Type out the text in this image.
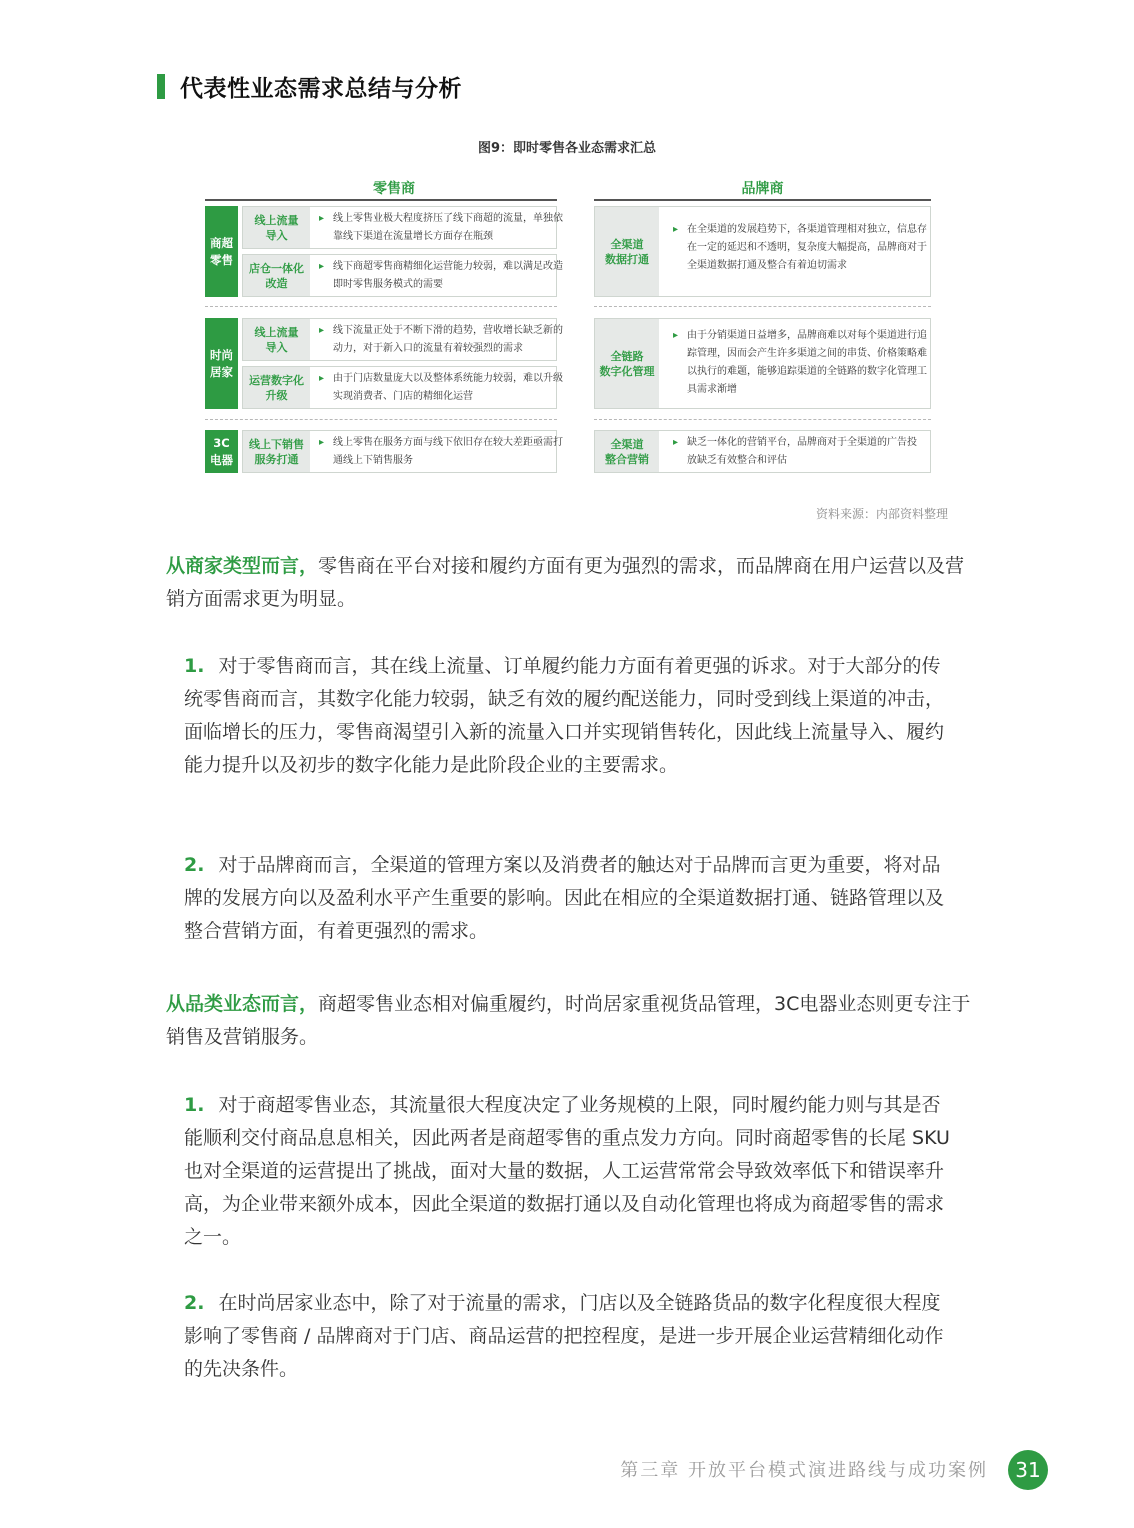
代表性业态需求总结与分析
图9：即时零售各业态需求汇总
零售商
商超
零售
线上流量
导入
▸ 线上零售业极大程度挤压了线下商超的流量，单独依靠线下渠道在流量增长方面存在瓶颈
店仓一体化
改造
▸ 线下商超零售商精细化运营能力较弱，难以满足改造 即时零售服务模式的需要
时尚
居家
线上流量
导入
▸ 线下流量正处于不断下滑的趋势，营收增长缺乏新的动力，对于新入口的流量有着较强烈的需求
运营数字化
升级
▸ 由于门店数量庞大以及整体系统能力较弱，难以升级 实现消费者、门店的精细化运营
3C
电器
线上下销售
服务打通
▸ 线上零售在服务方面与线下依旧存在较大差距亟需打通线上下销售服务
品牌商
全渠道
数据打通
▸ 在全渠道的发展趋势下，各渠道管理相对独立，信息存在一定的延迟和不透明，复杂度大幅提高，品牌商对于全渠道数据打通及整合有着迫切需求
全链路
数字化管理
▸ 由于分销渠道日益增多，品牌商难以对每个渠道进行追踪管理，因而会产生许多渠道之间的串货、价格策略难以执行的难题，能够追踪渠道的全链路的数字化管理工具需求渐增
全渠道
整合营销
▸ 缺乏一体化的营销平台，品牌商对于全渠道的广告投放缺乏有效整合和评估
资料来源：内部资料整理
从商家类型而言，零售商在平台对接和履约方面有更为强烈的需求，而品牌商在用户运营以及营销方面需求更为明显。
1. 对于零售商而言，其在线上流量、订单履约能力方面有着更强的诉求。对于大部分的传统零售商而言，其数字化能力较弱，缺乏有效的履约配送能力，同时受到线上渠道的冲击，面临增长的压力，零售商渴望引入新的流量入口并实现销售转化，因此线上流量导入、履约能力提升以及初步的数字化能力是此阶段企业的主要需求。
2. 对于品牌商而言，全渠道的管理方案以及消费者的触达对于品牌而言更为重要，将对品牌的发展方向以及盈利水平产生重要的影响。因此在相应的全渠道数据打通、链路管理以及整合营销方面，有着更强烈的需求。
从品类业态而言，商超零售业态相对偏重履约，时尚居家重视货品管理，3C电器业态则更专注于销售及营销服务。
1. 对于商超零售业态，其流量很大程度决定了业务规模的上限，同时履约能力则与其是否能顺利交付商品息息相关，因此两者是商超零售的重点发力方向。同时商超零售的长尾 SKU 也对全渠道的运营提出了挑战，面对大量的数据，人工运营常常会导致效率低下和错误率升高，为企业带来额外成本，因此全渠道的数据打通以及自动化管理也将成为商超零售的需求之一。
2. 在时尚居家业态中，除了对于流量的需求，门店以及全链路货品的数字化程度很大程度影响了零售商 / 品牌商对于门店、商品运营的把控程度，是进一步开展企业运营精细化动作的先决条件。
第三章 开放平台模式演进路线与成功案例	31
